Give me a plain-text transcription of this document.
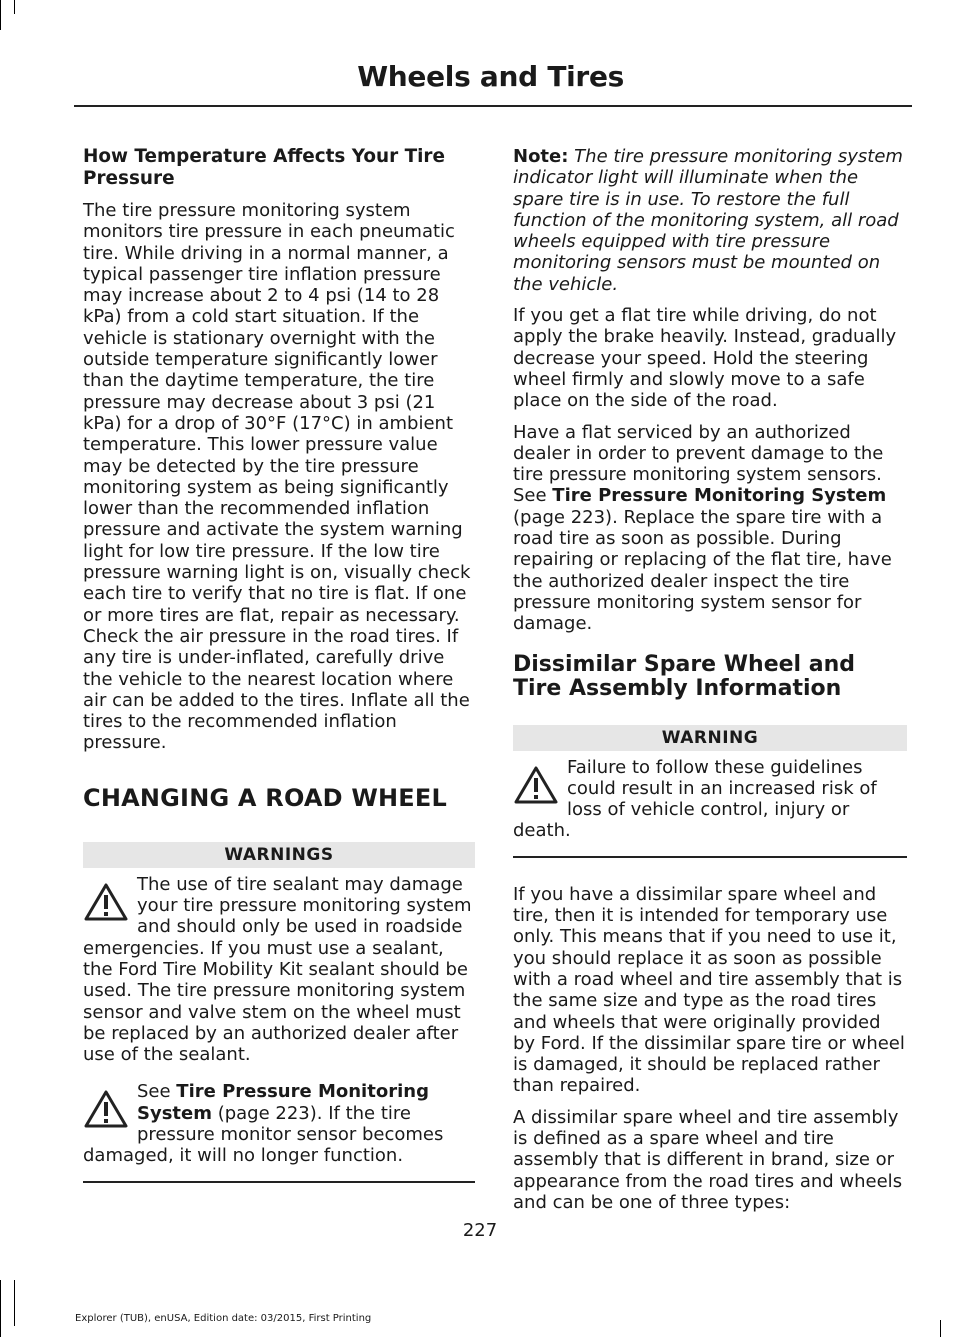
Wheels and Tires
How Temperature Affects Your Tire Pressure

The tire pressure monitoring system monitors tire pressure in each pneumatic tire. While driving in a normal manner, a typical passenger tire inflation pressure may increase about 2 to 4 psi (14 to 28 kPa) from a cold start situation. If the vehicle is stationary overnight with the outside temperature significantly lower than the daytime temperature, the tire pressure may decrease about 3 psi (21 kPa) for a drop of 30°F (17°C) in ambient temperature. This lower pressure value may be detected by the tire pressure monitoring system as being significantly lower than the recommended inflation pressure and activate the system warning light for low tire pressure. If the low tire pressure warning light is on, visually check each tire to verify that no tire is flat. If one or more tires are flat, repair as necessary. Check the air pressure in the road tires. If any tire is under-inflated, carefully drive the vehicle to the nearest location where air can be added to the tires. Inflate all the tires to the recommended inflation pressure.

CHANGING A ROAD WHEEL
WARNINGS
The use of tire sealant may damage your tire pressure monitoring system and should only be used in roadside emergencies. If you must use a sealant, the Ford Tire Mobility Kit sealant should be used. The tire pressure monitoring system sensor and valve stem on the wheel must be replaced by an authorized dealer after use of the sealant.
See Tire Pressure Monitoring System (page 223). If the tire pressure monitor sensor becomes damaged, it will no longer function.

Note: The tire pressure monitoring system indicator light will illuminate when the spare tire is in use. To restore the full function of the monitoring system, all road wheels equipped with tire pressure monitoring sensors must be mounted on the vehicle.

If you get a flat tire while driving, do not apply the brake heavily. Instead, gradually decrease your speed. Hold the steering wheel firmly and slowly move to a safe place on the side of the road.

Have a flat serviced by an authorized dealer in order to prevent damage to the tire pressure monitoring system sensors. See Tire Pressure Monitoring System (page 223). Replace the spare tire with a road tire as soon as possible. During repairing or replacing of the flat tire, have the authorized dealer inspect the tire pressure monitoring system sensor for damage.

Dissimilar Spare Wheel and Tire Assembly Information
WARNING
Failure to follow these guidelines could result in an increased risk of loss of vehicle control, injury or death.

If you have a dissimilar spare wheel and tire, then it is intended for temporary use only. This means that if you need to use it, you should replace it as soon as possible with a road wheel and tire assembly that is the same size and type as the road tires and wheels that were originally provided by Ford. If the dissimilar spare tire or wheel is damaged, it should be replaced rather than repaired.

A dissimilar spare wheel and tire assembly is defined as a spare wheel and tire assembly that is different in brand, size or appearance from the road tires and wheels and can be one of three types:

227
Explorer (TUB), enUSA, Edition date: 03/2015, First Printing
